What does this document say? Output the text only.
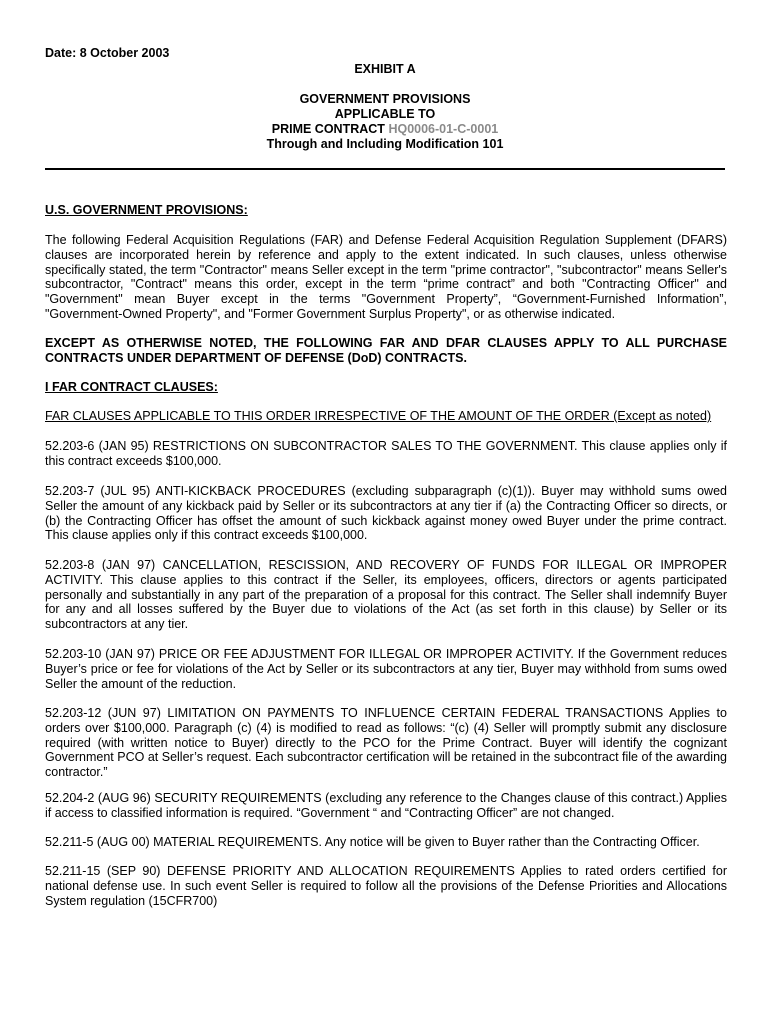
Date: 8 October 2003
EXHIBIT A
GOVERNMENT PROVISIONS
APPLICABLE TO
PRIME CONTRACT HQ0006-01-C-0001
Through and Including Modification 101
U.S. GOVERNMENT PROVISIONS:
The following Federal Acquisition Regulations (FAR) and Defense Federal Acquisition Regulation Supplement (DFARS) clauses are incorporated herein by reference and apply to the extent indicated. In such clauses, unless otherwise specifically stated, the term "Contractor" means Seller except in the term "prime contractor", "subcontractor" means Seller's subcontractor, "Contract" means this order, except in the term “prime contract” and both "Contracting Officer" and "Government" mean Buyer except in the terms "Government Property”, “Government-Furnished Information”, "Government-Owned Property", and "Former Government Surplus Property", or as otherwise indicated.
EXCEPT AS OTHERWISE NOTED, THE FOLLOWING FAR AND DFAR CLAUSES APPLY TO ALL PURCHASE CONTRACTS UNDER DEPARTMENT OF DEFENSE (DoD) CONTRACTS.
I FAR CONTRACT CLAUSES:
FAR CLAUSES APPLICABLE TO THIS ORDER IRRESPECTIVE OF THE AMOUNT OF THE ORDER (Except as noted)
52.203-6 (JAN 95) RESTRICTIONS ON SUBCONTRACTOR SALES TO THE GOVERNMENT. This clause applies only if this contract exceeds $100,000.
52.203-7 (JUL 95) ANTI-KICKBACK PROCEDURES (excluding subparagraph (c)(1)). Buyer may withhold sums owed Seller the amount of any kickback paid by Seller or its subcontractors at any tier if (a) the Contracting Officer so directs, or (b) the Contracting Officer has offset the amount of such kickback against money owed Buyer under the prime contract. This clause applies only if this contract exceeds $100,000.
52.203-8 (JAN 97) CANCELLATION, RESCISSION, AND RECOVERY OF FUNDS FOR ILLEGAL OR IMPROPER ACTIVITY. This clause applies to this contract if the Seller, its employees, officers, directors or agents participated personally and substantially in any part of the preparation of a proposal for this contract. The Seller shall indemnify Buyer for any and all losses suffered by the Buyer due to violations of the Act (as set forth in this clause) by Seller or its subcontractors at any tier.
52.203-10 (JAN 97) PRICE OR FEE ADJUSTMENT FOR ILLEGAL OR IMPROPER ACTIVITY. If the Government reduces Buyer’s price or fee for violations of the Act by Seller or its subcontractors at any tier, Buyer may withhold from sums owed Seller the amount of the reduction.
52.203-12 (JUN 97) LIMITATION ON PAYMENTS TO INFLUENCE CERTAIN FEDERAL TRANSACTIONS Applies to orders over $100,000. Paragraph (c) (4) is modified to read as follows: “(c) (4) Seller will promptly submit any disclosure required (with written notice to Buyer) directly to the PCO for the Prime Contract. Buyer will identify the cognizant Government PCO at Seller’s request. Each subcontractor certification will be retained in the subcontract file of the awarding contractor.”
52.204-2 (AUG 96) SECURITY REQUIREMENTS (excluding any reference to the Changes clause of this contract.) Applies if access to classified information is required. “Government “ and “Contracting Officer” are not changed.
52.211-5 (AUG 00) MATERIAL REQUIREMENTS. Any notice will be given to Buyer rather than the Contracting Officer.
52.211-15 (SEP 90) DEFENSE PRIORITY AND ALLOCATION REQUIREMENTS Applies to rated orders certified for national defense use. In such event Seller is required to follow all the provisions of the Defense Priorities and Allocations System regulation (15CFR700)
